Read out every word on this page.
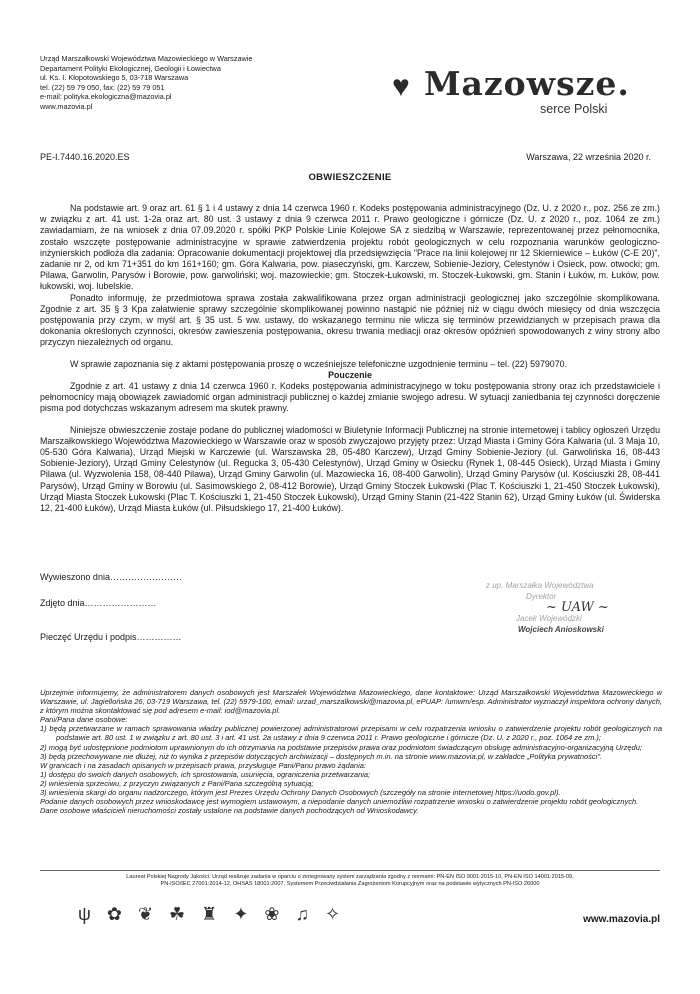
Urząd Marszałkowski Województwa Mazowieckiego w Warszawie
Departament Polityki Ekologicznej, Geologii i Łowiectwa
ul. Ks. I. Kłopotowskiego 5, 03-718 Warszawa
tel. (22) 59 79 050, fax: (22) 59 79 051
e-mail: polityka.ekologiczna@mazovia.pl
www.mazovia.pl
♥ Mazowsze.
serce Polski
PE-I.7440.16.2020.ES	Warszawa, 22 września 2020 r.
OBWIESZCZENIE

Na podstawie art. 9 oraz art. 61 § 1 i 4 ustawy z dnia 14 czerwca 1960 r. Kodeks postępowania administracyjnego (Dz. U. z 2020 r., poz. 256 ze zm.) w związku z art. 41 ust. 1-2a oraz art. 80 ust. 3 ustawy z dnia 9 czerwca 2011 r. Prawo geologiczne i górnicze (Dz. U. z 2020 r., poz. 1064 ze zm.) zawiadamiam, że na wniosek z dnia 07.09.2020 r. spółki PKP Polskie Linie Kolejowe SA z siedzibą w Warszawie, reprezentowanej przez pełnomocnika, zostało wszczęte postępowanie administracyjne w sprawie zatwierdzenia projektu robót geologicznych w celu rozpoznania warunków geologiczno-inżynierskich podłoża dla zadania: Opracowanie dokumentacji projektowej dla przedsięwzięcia "Prace na linii kolejowej nr 12 Skierniewice – Łuków (C-E 20)", zadanie nr 2, od km 71+351 do km 161+160; gm. Góra Kalwaria, pow. piaseczyński, gm. Karczew, Sobienie-Jeziory, Celestynów i Osieck, pow. otwocki; gm. Pilawa, Garwolin, Parysów i Borowie, pow. garwoliński; woj. mazowieckie; gm. Stoczek-Łukowski, m. Stoczek-Łukowski, gm. Stanin i Łuków, m. Łuków, pow. łukowski, woj. lubelskie.

Ponadto informuję, że przedmiotowa sprawa została zakwalifikowana przez organ administracji geologicznej jako szczególnie skomplikowana. Zgodnie z art. 35 § 3 Kpa załatwienie sprawy szczególnie skomplikowanej powinno nastąpić nie później niż w ciągu dwóch miesięcy od dnia wszczęcia postępowania przy czym, w myśl art. § 35 ust. 5 ww. ustawy, do wskazanego terminu nie wlicza się terminów przewidzianych w przepisach prawa dla dokonania określonych czynności, okresów zawieszenia postępowania, okresu trwania mediacji oraz okresów opóźnień spowodowanych z winy strony albo przyczyn niezależnych od organu.

W sprawie zapoznania się z aktami postępowania proszę o wcześniejsze telefoniczne uzgodnienie terminu – tel. (22) 5979070.

Pouczenie

Zgodnie z art. 41 ustawy z dnia 14 czerwca 1960 r. Kodeks postępowania administracyjnego w toku postępowania strony oraz ich przedstawiciele i pełnomocnicy mają obowiązek zawiadomić organ administracji publicznej o każdej zmianie swojego adresu. W sytuacji zaniedbania tej czynności doręczenie pisma pod dotychczas wskazanym adresem ma skutek prawny.

Niniejsze obwieszczenie zostaje podane do publicznej wiadomości w Biuletynie Informacji Publicznej na stronie internetowej i tablicy ogłoszeń Urzędu Marszałkowskiego Województwa Mazowieckiego w Warszawie oraz w sposób zwyczajowo przyjęty przez: Urząd Miasta i Gminy Góra Kalwaria (ul. 3 Maja 10, 05-530 Góra Kalwaria), Urząd Miejski w Karczewie (ul. Warszawska 28, 05-480 Karczew), Urząd Gminy Sobienie-Jeziory (ul. Garwolińska 16, 08-443 Sobienie-Jeziory), Urząd Gminy Celestynów (ul. Regucka 3, 05-430 Celestynów), Urząd Gminy w Osiecku (Rynek 1, 08-445 Osieck), Urząd Miasta i Gminy Pilawa (ul. Wyzwolenia 158, 08-440 Pilawa), Urząd Gminy Garwolin (ul. Mazowiecka 16, 08-400 Garwolin), Urząd Gminy Parysów (ul. Kościuszki 28, 08-441 Parysów), Urząd Gminy w Borowiu (ul. Sasimowskiego 2, 08-412 Borowie), Urząd Gminy Stoczek Łukowski (Plac T. Kościuszki 1, 21-450 Stoczek Łukowski), Urząd Miasta Stoczek Łukowski (Plac T. Kościuszki 1, 21-450 Stoczek Łukowski), Urząd Gminy Stanin (21-422 Stanin 62), Urząd Gminy Łuków (ul. Świderska 12, 21-400 Łuków), Urząd Miasta Łuków (ul. Piłsudskiego 17, 21-400 Łuków).

Wywieszono dnia……………………
Zdjęto dnia……………………
Pieczęć Urzędu i podpis……………
z up. Marszałka Województwa
Dyrektor
~ UAW ~
Jacek Wojewódzki
Wojciech Anioskowski

Uprzejmie informujemy, że administratorem danych osobowych jest Marszałek Województwa Mazowieckiego, dane kontaktowe: Urząd Marszałkowski Województwa Mazowieckiego w Warszawie, ul. Jagiellońska 26, 03-719 Warszawa, tel. (22) 5979-100, email: urzad_marszalkowski@mazovia.pl, ePUAP: /umwm/esp. Administrator wyznaczył inspektora ochrony danych, z którym można skontaktować się pod adresem e-mail: iod@mazovia.pl.

Pani/Pana dane osobowe:

1) będą przetwarzane w ramach sprawowania władzy publicznej powierzonej administratorowi przepisami w celu rozpatrzenia wniosku o zatwierdzenie projektu robót geologicznych na podstawie art. 80 ust. 1 w związku z art. 80 ust. 3 i art. 41 ust. 2a ustawy z dnia 9 czerwca 2011 r. Prawo geologiczne i górnicze (Dz. U. z 2020 r., poz. 1064 ze zm.);

2) mogą być udostępnione podmiotom uprawnionym do ich otrzymania na podstawie przepisów prawa oraz podmiotom świadczącym obsługę administracyjno-organizacyjną Urzędu;

3) będą przechowywane nie dłużej, niż to wynika z przepisów dotyczących archiwizacji – dostępnych m.in. na stronie www.mazovia.pl, w zakładce „Polityka prywatności".

W granicach i na zasadach opisanych w przepisach prawa, przysługuje Pani/Panu prawo żądania:

1) dostępu do swoich danych osobowych, ich sprostowania, usunięcia, ograniczenia przetwarzania;

2) wniesienia sprzeciwu, z przyczyn związanych z Pani/Pana szczególną sytuacją;

3) wniesienia skargi do organu nadzorczego, którym jest Prezes Urzędu Ochrony Danych Osobowych (szczegóły na stronie internetowej https://uodo.gov.pl).

Podanie danych osobowych przez wnioskodawcę jest wymogiem ustawowym, a niepodanie danych uniemożliwi rozpatrzenie wniosku o zatwierdzenie projektu robót geologicznych.

Dane osobowe właścicieli nieruchomości zostały ustalone na podstawie danych pochodzących od Wnioskodawcy.

Laureat Polskiej Nagrody Jakości. Urząd realizuje zadania w oparciu o zintegrowany system zarządzania zgodny z normami: PN-EN ISO 9001:2015-10, PN-EN ISO 14001:2015-09,
PN-ISO/IEC 27001:2014-12, OHSAS 18001:2007, Systemem Przeciwdziałania Zagrożeniom Korupcyjnym oraz na podstawie wytycznych PN-ISO 26000
ψ ✿ ❦ ☘ ♜ ✦ ❀ ♫ ✧	www.mazovia.pl
